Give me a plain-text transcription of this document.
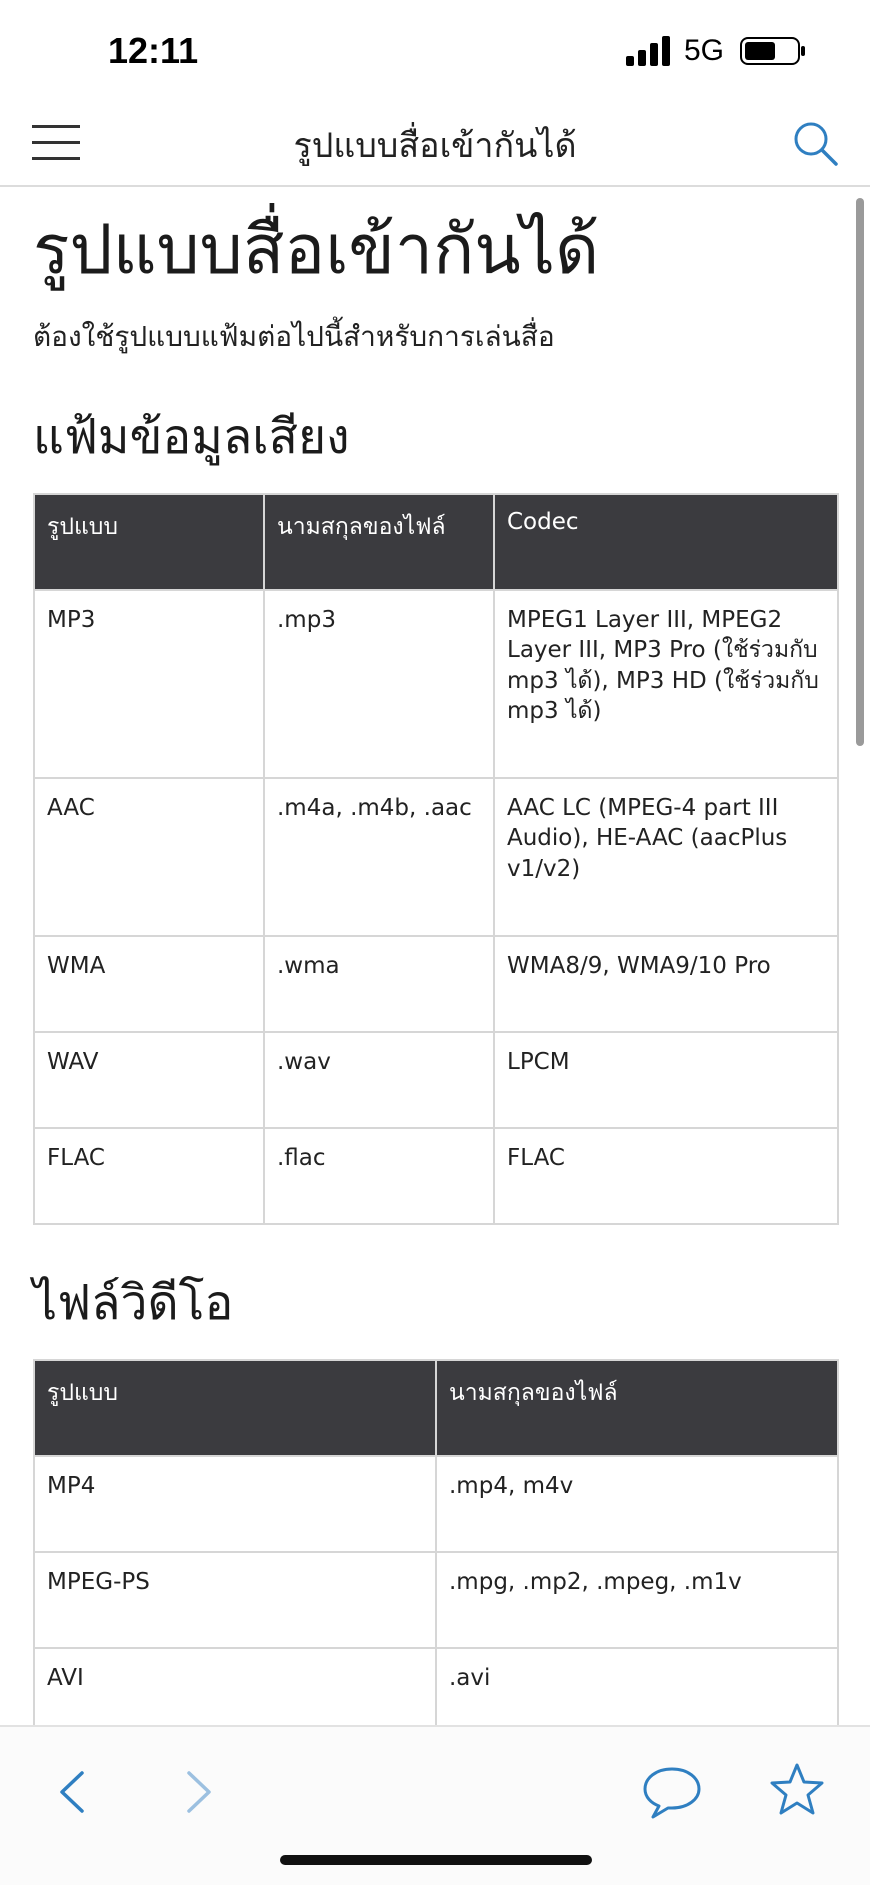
12:11	5G
รูปแบบสื่อเข้ากันได้
รูปแบบสื่อเข้ากันได้

ต้องใช้รูปแบบแฟ้มต่อไปนี้สำหรับการเล่นสื่อ

แฟ้มข้อมูลเสียง
รูปแบบ	นามสกุลของไฟล์	Codec
MP3	.mp3	MPEG1 Layer III, MPEG2 Layer III, MP3 Pro (ใช้ร่วมกับ mp3 ได้), MP3 HD (ใช้ร่วมกับ mp3 ได้)
AAC	.m4a, .m4b, .aac	AAC LC (MPEG-4 part III Audio), HE-AAC (aacPlus v1/v2)
WMA	.wma	WMA8/9, WMA9/10 Pro
WAV	.wav	LPCM
FLAC	.flac	FLAC
ไฟล์วิดีโอ
รูปแบบ	นามสกุลของไฟล์
MP4	.mp4, m4v
MPEG-PS	.mpg, .mp2, .mpeg, .m1v
AVI	.avi
